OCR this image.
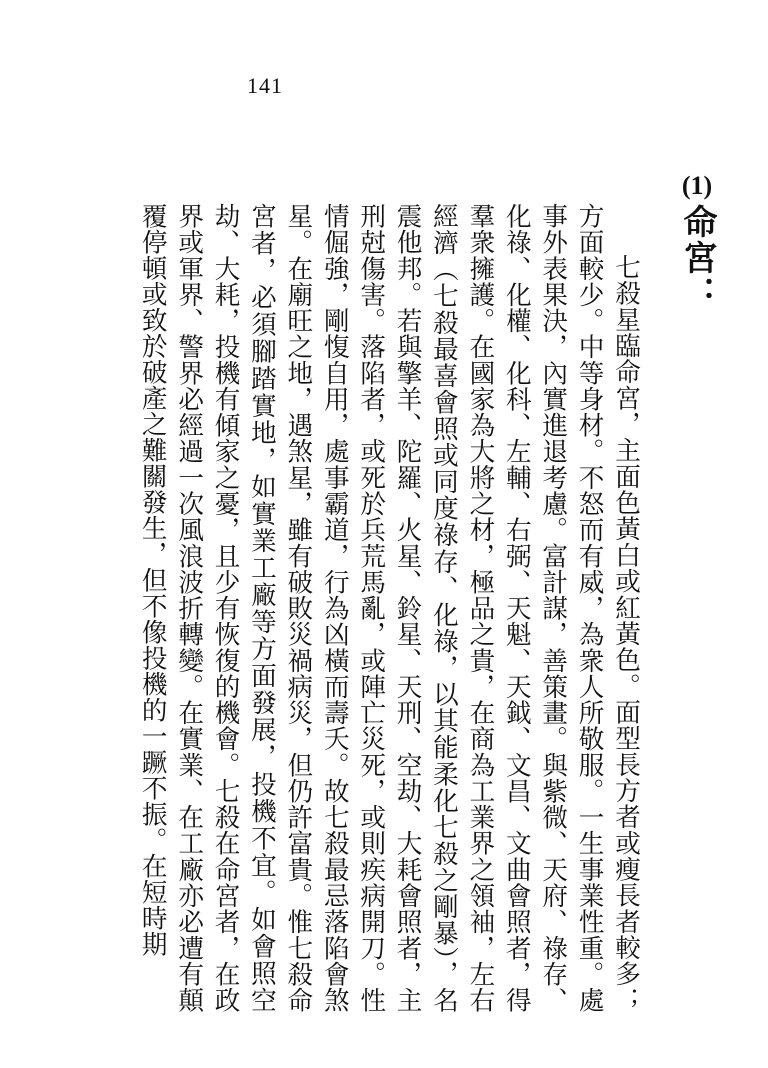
141
(1)
命宮：

七殺星臨命宮，主面色黃白或紅黃色。面型長方者或瘦長者較多；方面較少。中等身材。不怒而有威，為衆人所敬服。一生事業性重。處事外表果決，內實進退考慮。富計謀，善策畫。與紫微、天府、祿存、化祿、化權、化科、左輔、右弼、天魁、天鉞、文昌、文曲會照者，得羣衆擁護。在國家為大將之材，極品之貴，在商為工業界之領袖，左右經濟（七殺最喜會照或同度祿存、化祿，以其能柔化七殺之剛暴），名震他邦。若與擎羊、陀羅、火星、鈴星、天刑、空劫、大耗會照者，主刑尅傷害。落陷者，或死於兵荒馬亂，或陣亡災死，或則疾病開刀。性情倔強，剛愎自用，處事霸道，行為凶橫而壽夭。故七殺最忌落陷會煞星。在廟旺之地，遇煞星，雖有破敗災禍病災，但仍許富貴。惟七殺命宮者，必須腳踏實地，如實業工廠等方面發展，投機不宜。如會照空劫、大耗，投機有傾家之憂，且少有恢復的機會。七殺在命宮者，在政界或軍界、警界必經過一次風浪波折轉變。在實業、在工廠亦必遭有顛覆停頓或致於破產之難關發生，但不像投機的一蹶不振。在短時期
